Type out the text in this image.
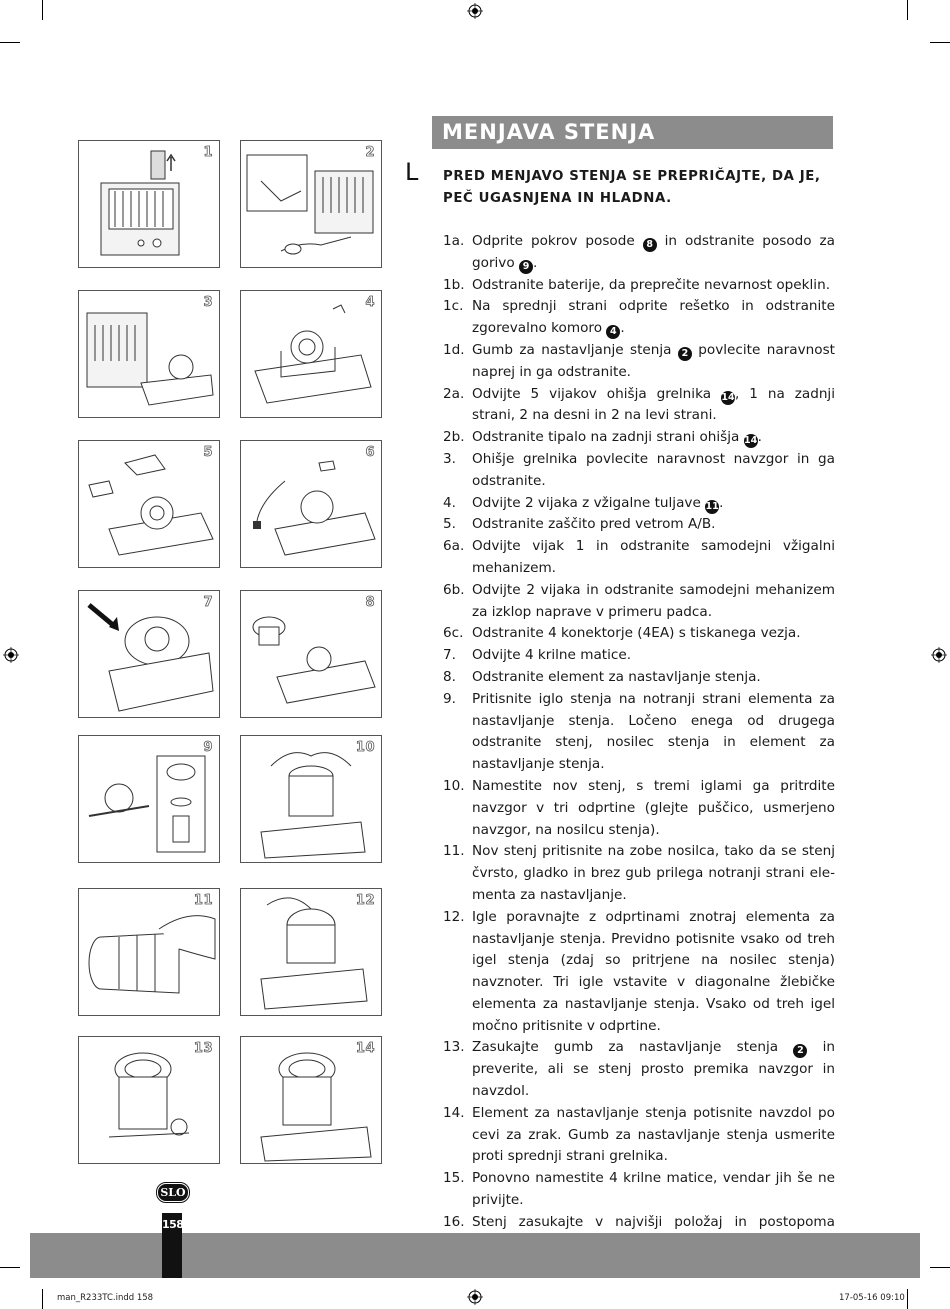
1	2
3	4
5	6
7	8
9	10
11	12
13	14
MENJAVA STENJA
L PRED MENJAVO STENJA SE PREPRIČAJTE, DA JE,
PEČ UGASNJENA IN HLADNA.
1a. Odprite pokrov posode 8 in odstranite posodo za gorivo 9 .
1b. Odstranite baterije, da preprečite nevarnost opeklin.
1c. Na sprednji strani odprite rešetko in odstranite zgorevalno komoro 4 .
1d. Gumb za nastavljanje stenja 2 povlecite naravnost naprej in ga odstranite.
2a. Odvijte 5 vijakov ohišja grelnika 14, 1 na zadnji strani, 2 na desni in 2 na levi strani.
2b. Odstranite tipalo na zadnji strani ohišja 14.
3.	Ohišje grelnika povlecite naravnost navzgor in ga odstranite.
4.	Odvijte 2 vijaka z vžigalne tuljave 11.
5.	Odstranite zaščito pred vetrom A/B.
6a. Odvijte vijak 1 in odstranite samodejni vžigalni mehanizem.
6b. Odvijte 2 vijaka in odstranite samodejni mehanizem za izklop naprave v primeru padca.
6c. Odstranite 4 konektorje (4EA) s tiskanega vezja.
7.	Odvijte 4 krilne matice.
8.	Odstranite element za nastavljanje stenja.
9.	Pritisnite iglo stenja na notranji strani elementa za nastavljanje stenja. Ločeno enega od drugega odstranite stenj, nosilec stenja in element za nastavljanje stenja.
10. Namestite nov stenj, s tremi iglami ga pritrdite navzgor v tri odprtine (glejte puščico, usmerjeno navzgor, na nosilcu stenja).
11. Nov stenj pritisnite na zobe nosilca, tako da se stenj čvrsto, gladko in brez gub prilega notranji strani elementa za nastavljanje.
12. Igle poravnajte z odprtinami znotraj elementa za nastavljanje stenja. Previdno potisnite vsako od treh igel stenja (zdaj so pritrjene na nosilec stenja) navznoter. Tri igle vstavite v diagonalne žlebičke elementa za nastavljanje stenja. Vsako od treh igel močno pritisnite v odprtine.
13. Zasukajte gumb za nastavljanje stenja 2 in preverite, ali se stenj prosto premika navzgor in navzdol.
14. Element za nastavljanje stenja potisnite navzdol po cevi za zrak. Gumb za nastavljanje stenja usmerite proti sprednji strani grelnika.
15. Ponovno namestite 4 krilne matice, vendar jih še ne privijte.
16. Stenj zasukajte v najvišji položaj in postopoma
158
SLO
man_R233TC.indd 158	17-05-16 09:10
